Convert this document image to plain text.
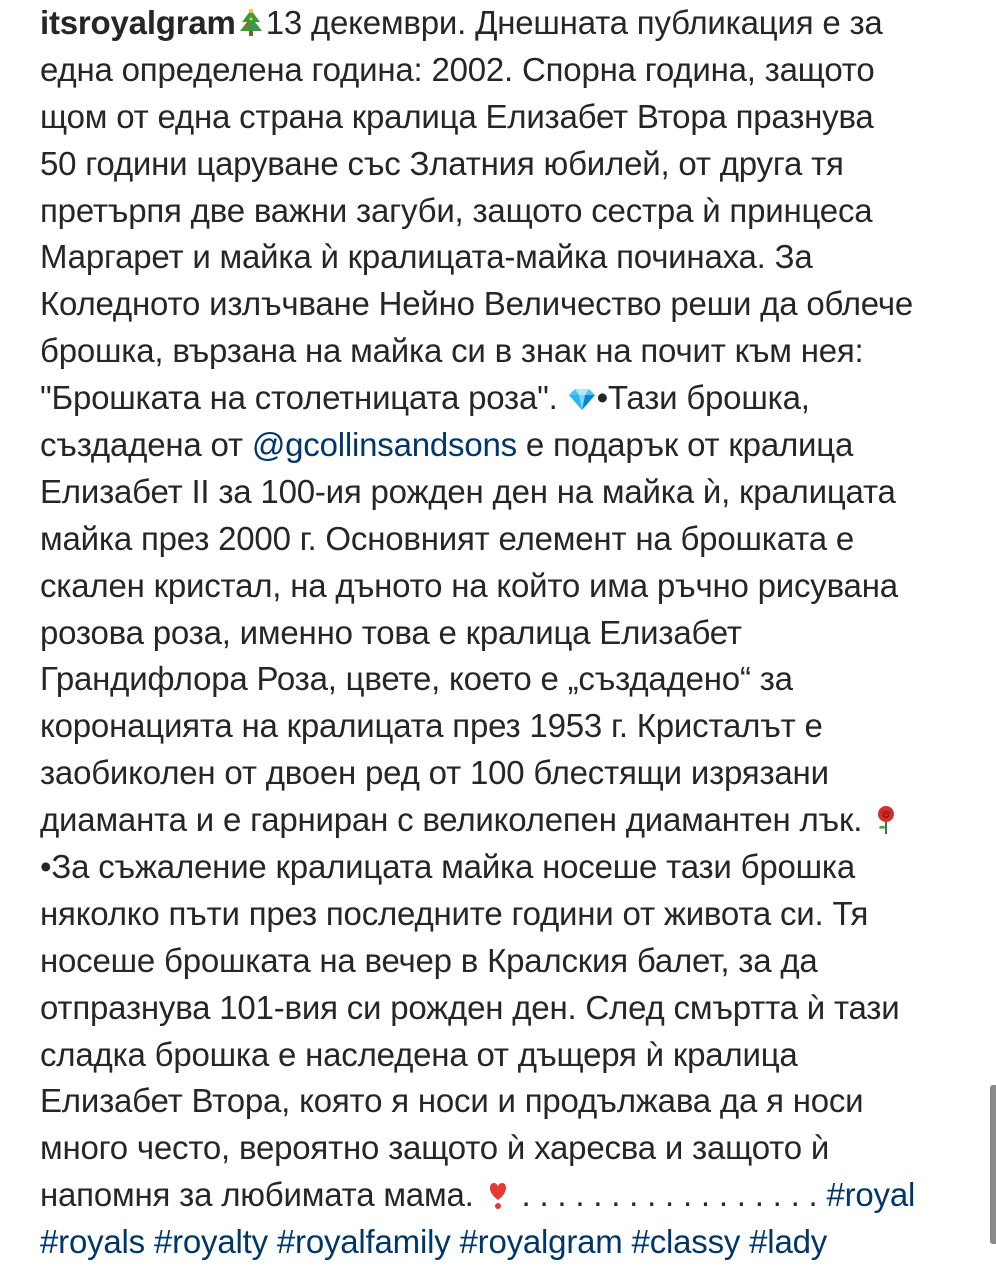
itsroyalgram 13 декември. Днешната публикация е за
една определена година: 2002. Спорна година, защото
щом от една страна кралица Елизабет Втора празнува
50 години царуване със Златния юбилей, от друга тя
претърпя две важни загуби, защото сестра ѝ принцеса
Маргарет и майка ѝ кралицата-майка починаха. За
Коледното излъчване Нейно Величество реши да облече
брошка, вързана на майка си в знак на почит към нея:
"Брошката на столетницата роза". •Тази брошка,
създадена от @gcollinsandsons е подарък от кралица
Елизабет II за 100-ия рожден ден на майка ѝ, кралицата
майка през 2000 г. Основният елемент на брошката е
скален кристал, на дъното на който има ръчно рисувана
розова роза, именно това е кралица Елизабет
Грандифлора Роза, цвете, което е „създадено“ за
коронацията на кралицата през 1953 г. Кристалът е
заобиколен от двоен ред от 100 блестящи изрязани
диаманта и е гарниран с великолепен диамантен лък.
•За съжаление кралицата майка носеше тази брошка
няколко пъти през последните години от живота си. Тя
носеше брошката на вечер в Кралския балет, за да
отпразнува 101-вия си рожден ден. След смъртта ѝ тази
сладка брошка е наследена от дъщеря ѝ кралица
Елизабет Втора, която я носи и продължава да я носи
много често, вероятно защото ѝ харесва и защото ѝ
напомня за любимата мама.  . . . . . . . . . . . . . . . . . #royal
#royals #royalty #royalfamily #royalgram #classy #lady
